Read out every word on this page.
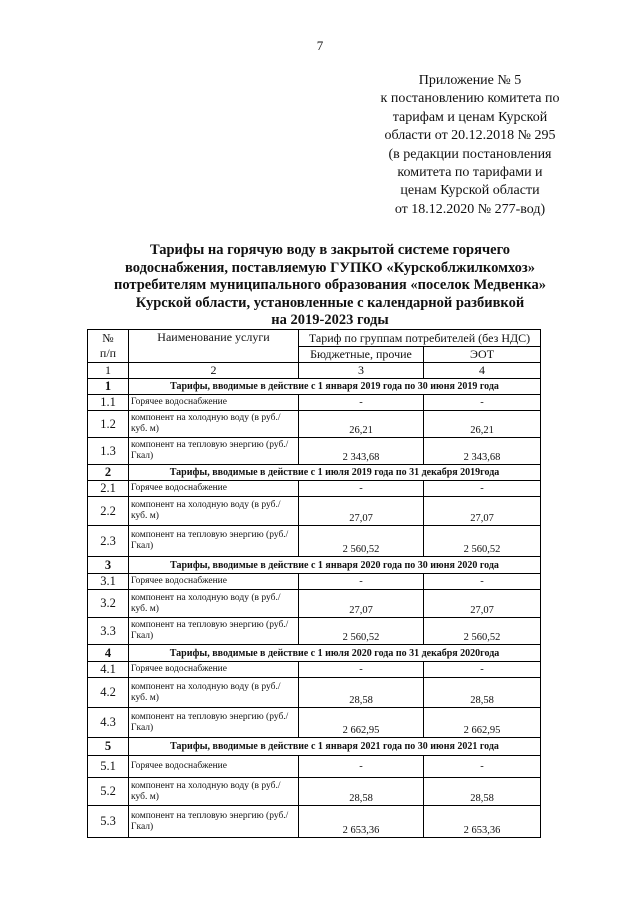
7
Приложение № 5
к постановлению комитета по
тарифам и ценам Курской
области от 20.12.2018 № 295
(в редакции постановления
комитета по тарифами и
ценам Курской области
от 18.12.2020 № 277-вод)
Тарифы на горячую воду в закрытой системе горячего
водоснабжения, поставляемую ГУПКО «Курскоблжилкомхоз»
потребителям муниципального образования «поселок Медвенка»
Курской области, установленные с календарной разбивкой
на 2019-2023 годы
№
п/п	Наименование услуги	Тариф по группам потребителей (без НДС)	
		Бюджетные, прочие	ЭОТ
1	2	3	4
1	Тарифы, вводимые в действие с 1 января 2019 года по 30 июня 2019 года		
1.1	Горячее водоснабжение	-	-
1.2	компонент на холодную воду (в руб./куб. м)	26,21	26,21
1.3	компонент на тепловую энергию (руб./Гкал)	2 343,68	2 343,68
2	Тарифы, вводимые в действие с 1 июля 2019 года по 31 декабря 2019года		
2.1	Горячее водоснабжение	-	-
2.2	компонент на холодную воду (в руб./куб. м)	27,07	27,07
2.3	компонент на тепловую энергию (руб./Гкал)	2 560,52	2 560,52
3	Тарифы, вводимые в действие с 1 января 2020 года по 30 июня 2020 года		
3.1	Горячее водоснабжение	-	-
3.2	компонент на холодную воду (в руб./куб. м)	27,07	27,07
3.3	компонент на тепловую энергию (руб./Гкал)	2 560,52	2 560,52
4	Тарифы, вводимые в действие с 1 июля 2020 года по 31 декабря 2020года		
4.1	Горячее водоснабжение	-	-
4.2	компонент на холодную воду (в руб./куб. м)	28,58	28,58
4.3	компонент на тепловую энергию (руб./Гкал)	2 662,95	2 662,95
5	Тарифы, вводимые в действие с 1 января 2021 года по 30 июня 2021 года		
5.1	Горячее водоснабжение	-	-
5.2	компонент на холодную воду (в руб./куб. м)	28,58	28,58
5.3	компонент на тепловую энергию (руб./Гкал)	2 653,36	2 653,36
